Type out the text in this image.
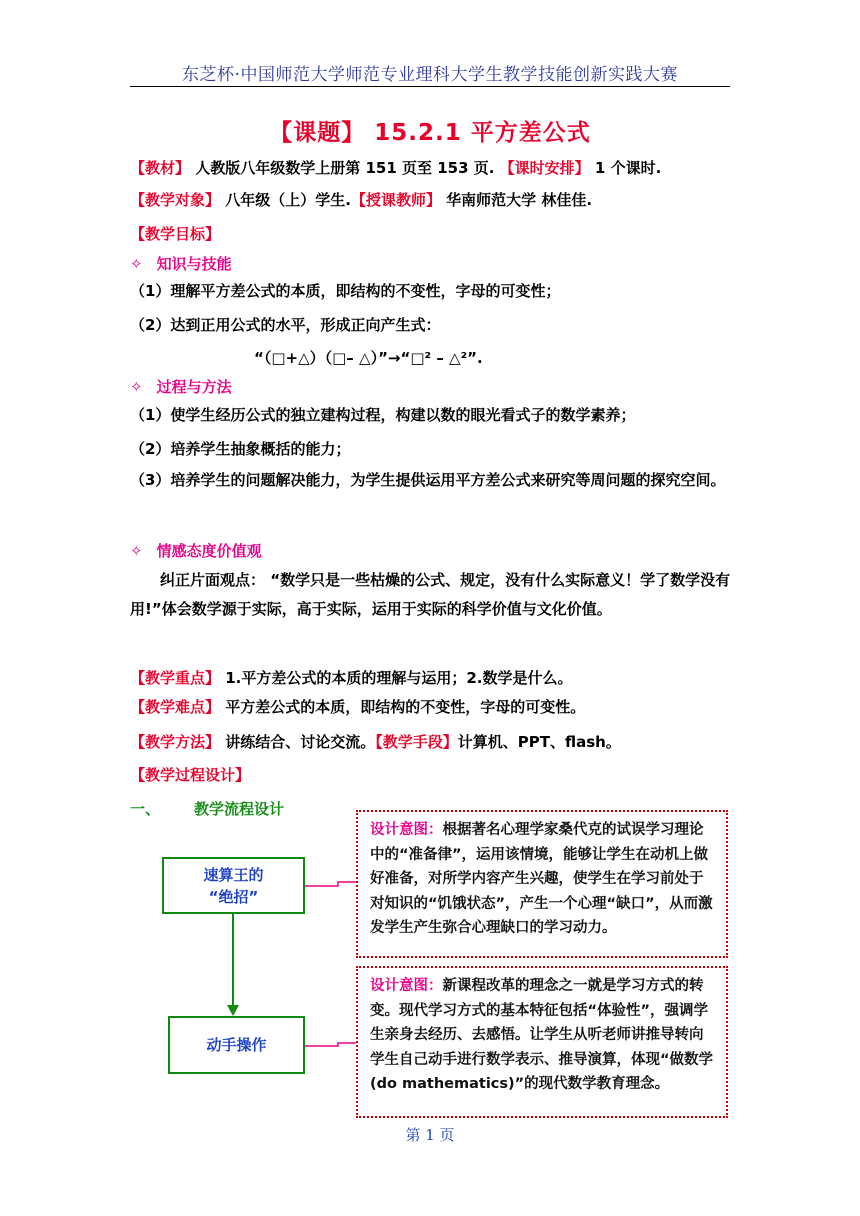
东芝杯·中国师范大学师范专业理科大学生教学技能创新实践大赛
【课题】 15.2.1 平方差公式
【教材】 人教版八年级数学上册第 151 页至 153 页. 【课时安排】 1 个课时.
【教学对象】 八年级（上）学生.【授课教师】 华南师范大学 林佳佳.
【教学目标】
✧ 知识与技能
（1）理解平方差公式的本质，即结构的不变性，字母的可变性；
（2）达到正用公式的水平，形成正向产生式：
“（□+△）（□– △）”→“□² – △²”.
✧ 过程与方法
（1）使学生经历公式的独立建构过程，构建以数的眼光看式子的数学素养；
（2）培养学生抽象概括的能力；
（3）培养学生的问题解决能力，为学生提供运用平方差公式来研究等周问题的探究空间。
✧ 情感态度价值观
纠正片面观点： “数学只是一些枯燥的公式、规定，没有什么实际意义！学了数学没有用!”体会数学源于实际，高于实际，运用于实际的科学价值与文化价值。
【教学重点】 1.平方差公式的本质的理解与运用；2.数学是什么。
【教学难点】 平方差公式的本质，即结构的不变性，字母的可变性。
【教学方法】 讲练结合、讨论交流。【教学手段】计算机、PPT、flash。
【教学过程设计】
一、 教学流程设计
速算王的
“绝招”
动手操作
设计意图：根据著名心理学家桑代克的试误学习理论中的“准备律”，运用该情境，能够让学生在动机上做好准备，对所学内容产生兴趣，使学生在学习前处于对知识的“饥饿状态”，产生一个心理“缺口”，从而激发学生产生弥合心理缺口的学习动力。
设计意图：新课程改革的理念之一就是学习方式的转变。现代学习方式的基本特征包括“体验性”，强调学生亲身去经历、去感悟。让学生从听老师讲推导转向学生自己动手进行数学表示、推导演算，体现“做数学(do mathematics)”的现代数学教育理念。
第 1 页
